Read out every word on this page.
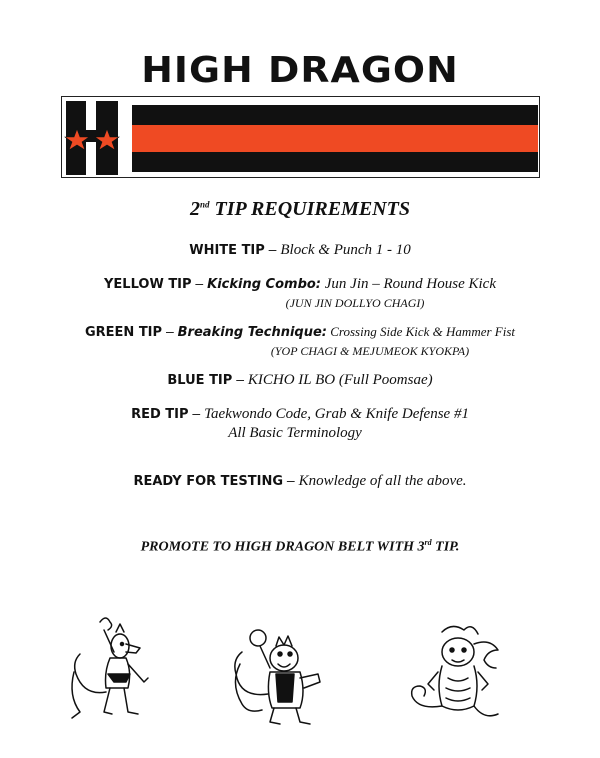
HIGH DRAGON
2nd TIP REQUIREMENTS
WHITE TIP – Block & Punch 1 - 10
YELLOW TIP – Kicking Combo: Jun Jin – Round House Kick
(JUN JIN DOLLYO CHAGI)
GREEN TIP – Breaking Technique: Crossing Side Kick & Hammer Fist
(YOP CHAGI & MEJUMEOK KYOKPA)
BLUE TIP – KICHO IL BO (Full Poomsae)
RED TIP – Taekwondo Code, Grab & Knife Defense #1
All Basic Terminology
READY FOR TESTING – Knowledge of all the above.
PROMOTE TO HIGH DRAGON BELT WITH 3rd TIP.
